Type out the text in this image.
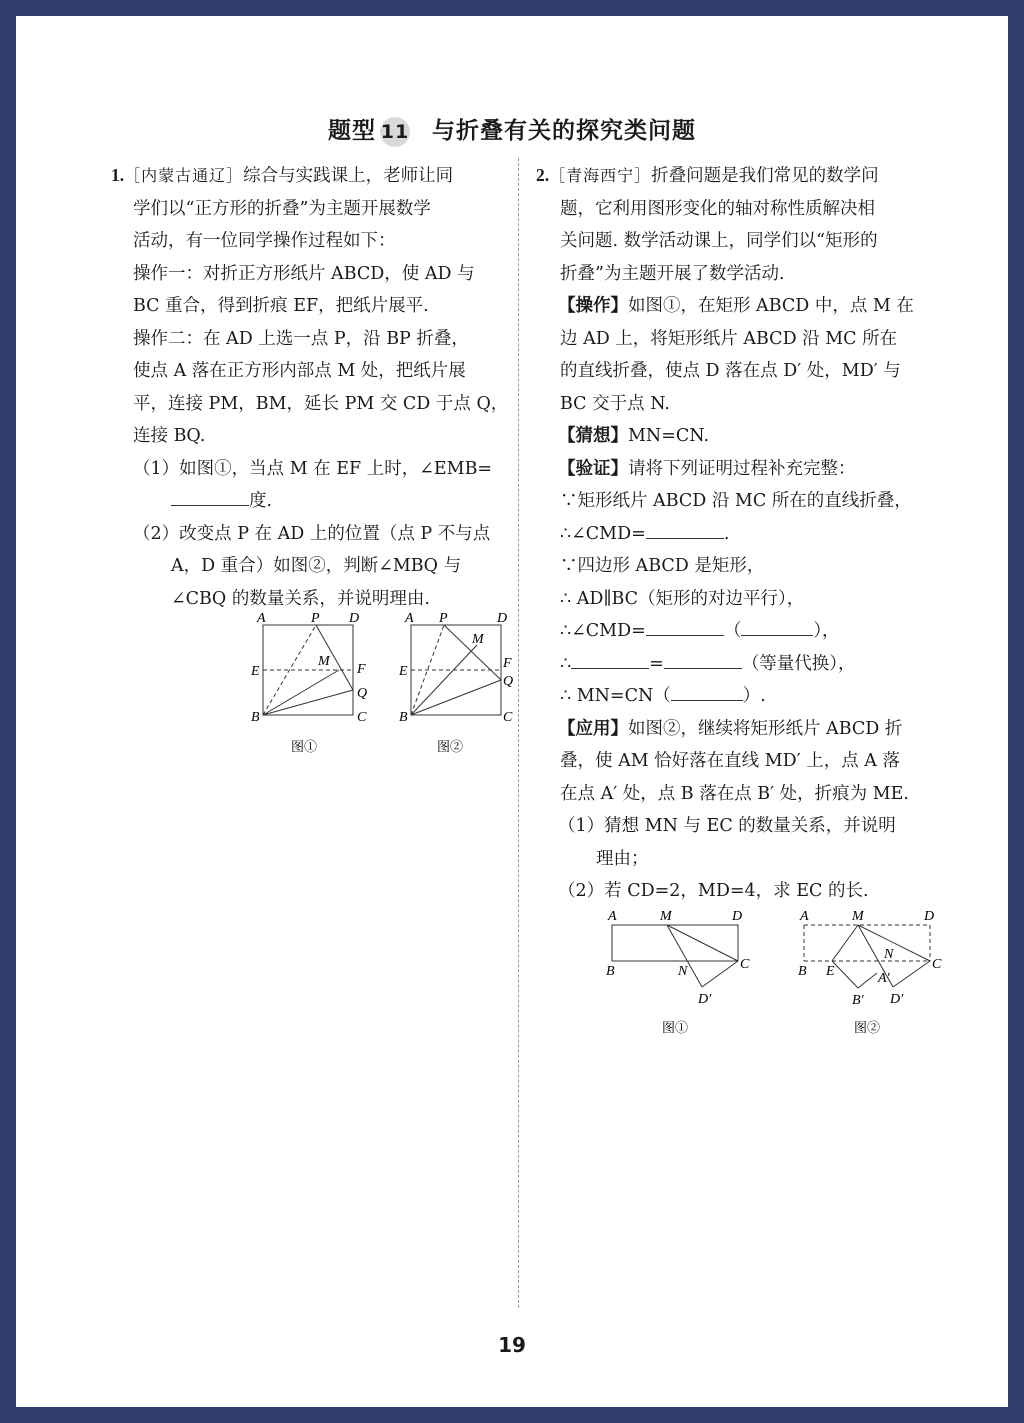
题型 11 与折叠有关的探究类问题
1.［内蒙古通辽］综合与实践课上，老师让同
学们以“正方形的折叠”为主题开展数学
活动，有一位同学操作过程如下：
操作一：对折正方形纸片 ABCD，使 AD 与
BC 重合，得到折痕 EF，把纸片展平.
操作二：在 AD 上选一点 P，沿 BP 折叠，
使点 A 落在正方形内部点 M 处，把纸片展
平，连接 PM，BM，延长 PM 交 CD 于点 Q，
连接 BQ.
（1）如图①，当点 M 在 EF 上时，∠EMB=
度.
（2）改变点 P 在 AD 上的位置（点 P 不与点
A，D 重合）如图②，判断∠MBQ 与
∠CBQ 的数量关系，并说明理由.
A	P D
E	F
M
Q
B	C
图①
A P	D
E
F
M
Q
B	C
图②
2.［青海西宁］折叠问题是我们常见的数学问
题，它利用图形变化的轴对称性质解决相
关问题. 数学活动课上，同学们以“矩形的
折叠”为主题开展了数学活动.
【操作】如图①，在矩形 ABCD 中，点 M 在
边 AD 上，将矩形纸片 ABCD 沿 MC 所在
的直线折叠，使点 D 落在点 D′ 处，MD′ 与
BC 交于点 N.
【猜想】MN=CN.
【验证】请将下列证明过程补充完整：
∵矩形纸片 ABCD 沿 MC 所在的直线折叠，
∴∠CMD=	.
∵四边形 ABCD 是矩形，
∴ AD∥BC（矩形的对边平行），
∴∠CMD=	（	），
∴	=	（等量代换），
∴ MN=CN（	）.
【应用】如图②，继续将矩形纸片 ABCD 折
叠，使 AM 恰好落在直线 MD′ 上，点 A 落
在点 A′ 处，点 B 落在点 B′ 处，折痕为 ME.
（1）猜想 MN 与 EC 的数量关系，并说明
理由；
（2）若 CD=2，MD=4，求 EC 的长.
A	M	D
B	N	C
D′
图①
A	M	D
B E
N
C
A′
D′
B′
图②
19
